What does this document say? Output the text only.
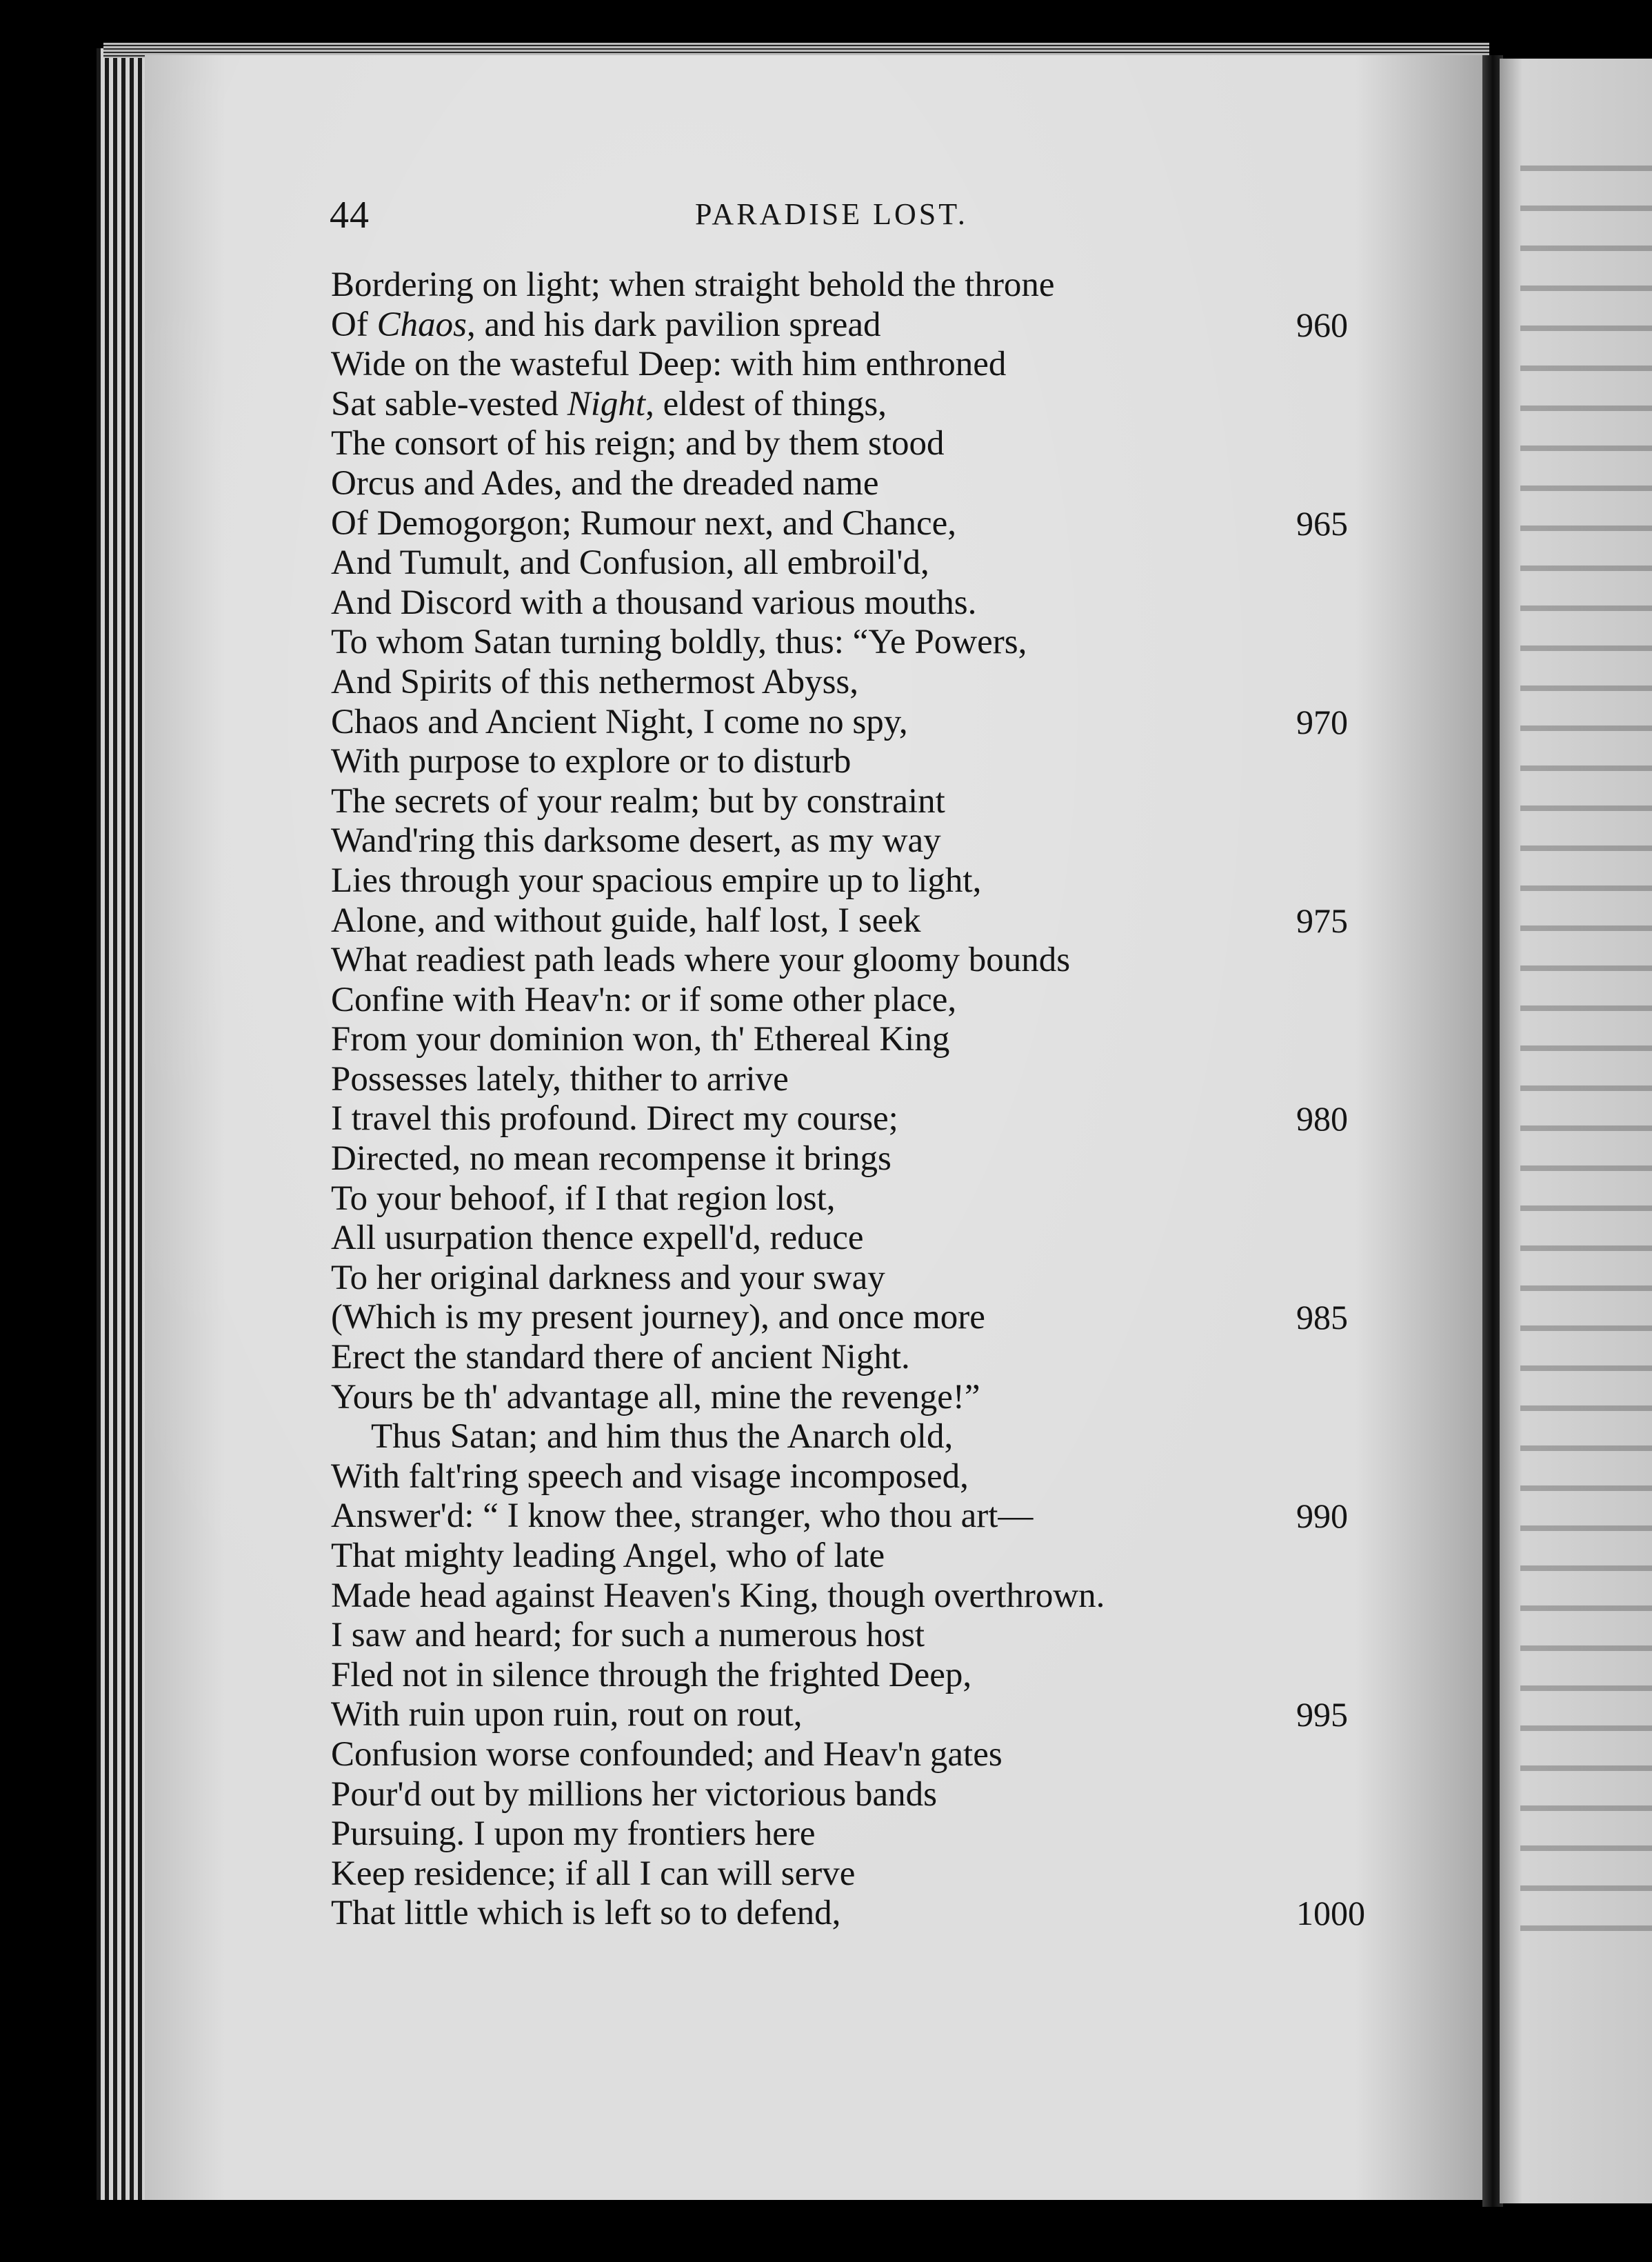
44	PARADISE LOST.
Bordering on light; when straight behold the throne
Of Chaos, and his dark pavilion spread	960
Wide on the wasteful Deep: with him enthroned
Sat sable-vested Night, eldest of things,
The consort of his reign; and by them stood
Orcus and Ades, and the dreaded name
Of Demogorgon; Rumour next, and Chance,	965
And Tumult, and Confusion, all embroil'd,
And Discord with a thousand various mouths.
To whom Satan turning boldly, thus: “Ye Powers,
And Spirits of this nethermost Abyss,
Chaos and Ancient Night, I come no spy,	970
With purpose to explore or to disturb
The secrets of your realm; but by constraint
Wand'ring this darksome desert, as my way
Lies through your spacious empire up to light,
Alone, and without guide, half lost, I seek	975
What readiest path leads where your gloomy bounds
Confine with Heav'n: or if some other place,
From your dominion won, th' Ethereal King
Possesses lately, thither to arrive
I travel this profound. Direct my course;	980
Directed, no mean recompense it brings
To your behoof, if I that region lost,
All usurpation thence expell'd, reduce
To her original darkness and your sway
(Which is my present journey), and once more	985
Erect the standard there of ancient Night.
Yours be th' advantage all, mine the revenge!”
Thus Satan; and him thus the Anarch old,
With falt'ring speech and visage incomposed,
Answer'd: “ I know thee, stranger, who thou art—	990
That mighty leading Angel, who of late
Made head against Heaven's King, though overthrown.
I saw and heard; for such a numerous host
Fled not in silence through the frighted Deep,
With ruin upon ruin, rout on rout,	995
Confusion worse confounded; and Heav'n gates
Pour'd out by millions her victorious bands
Pursuing. I upon my frontiers here
Keep residence; if all I can will serve
That little which is left so to defend,	1000
